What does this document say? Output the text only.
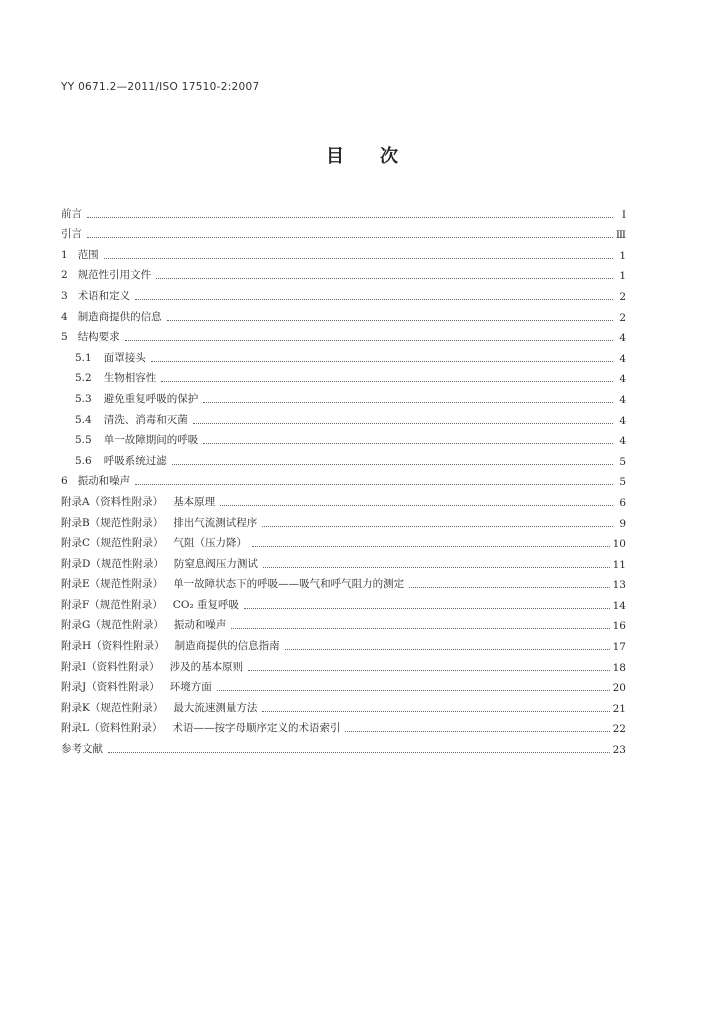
YY 0671.2—2011/ISO 17510-2:2007
目 次
前言	Ⅰ
引言	Ⅲ
1 范围	1
2 规范性引用文件	1
3 术语和定义	2
4 制造商提供的信息	2
5 结构要求	4
5.1 面罩接头	4
5.2 生物相容性	4
5.3 避免重复呼吸的保护	4
5.4 清洗、消毒和灭菌	4
5.5 单一故障期间的呼吸	4
5.6 呼吸系统过滤	5
6 振动和噪声	5
附录A（资料性附录） 基本原理	6
附录B（规范性附录） 排出气流测试程序	9
附录C（规范性附录） 气阻（压力降）	10
附录D（规范性附录） 防窒息阀压力测试	11
附录E（规范性附录） 单一故障状态下的呼吸——吸气和呼气阻力的测定	13
附录F（规范性附录） CO₂ 重复呼吸	14
附录G（规范性附录） 振动和噪声	16
附录H（资料性附录） 制造商提供的信息指南	17
附录I（资料性附录） 涉及的基本原则	18
附录J（资料性附录） 环境方面	20
附录K（规范性附录） 最大流速测量方法	21
附录L（资料性附录） 术语——按字母顺序定义的术语索引	22
参考文献	23
